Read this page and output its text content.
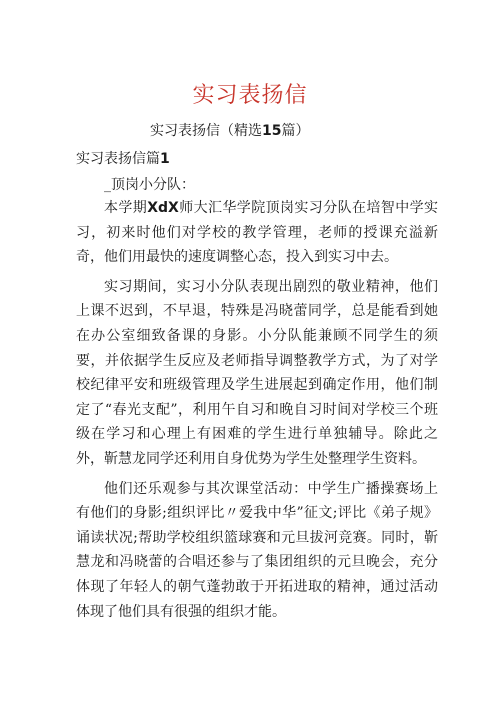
实习表扬信
实习表扬信（精选15篇）
实习表扬信篇1
_顶岗小分队：

本学期XdX师大汇华学院顶岗实习分队在培智中学实习，初来时他们对学校的教学管理，老师的授课充溢新奇，他们用最快的速度调整心态，投入到实习中去。

实习期间，实习小分队表现出剧烈的敬业精神，他们上课不迟到，不早退，特殊是冯晓蕾同学，总是能看到她在办公室细致备课的身影。小分队能兼顾不同学生的须要，并依据学生反应及老师指导调整教学方式，为了对学校纪律平安和班级管理及学生进展起到确定作用，他们制定了“春光支配”，利用午自习和晚自习时间对学校三个班级在学习和心理上有困难的学生进行单独辅导。除此之外，靳慧龙同学还利用自身优势为学生处整理学生资料。

他们还乐观参与其次课堂活动：中学生广播操赛场上有他们的身影;组织评比〃爱我中华”征文;评比《弟子规》诵读状况;帮助学校组织篮球赛和元旦拔河竞赛。同时，靳慧龙和冯晓蕾的合唱还参与了集团组织的元旦晚会，充分体现了年轻人的朝气蓬勃敢于开拓进取的精神，通过活动体现了他们具有很强的组织才能。
